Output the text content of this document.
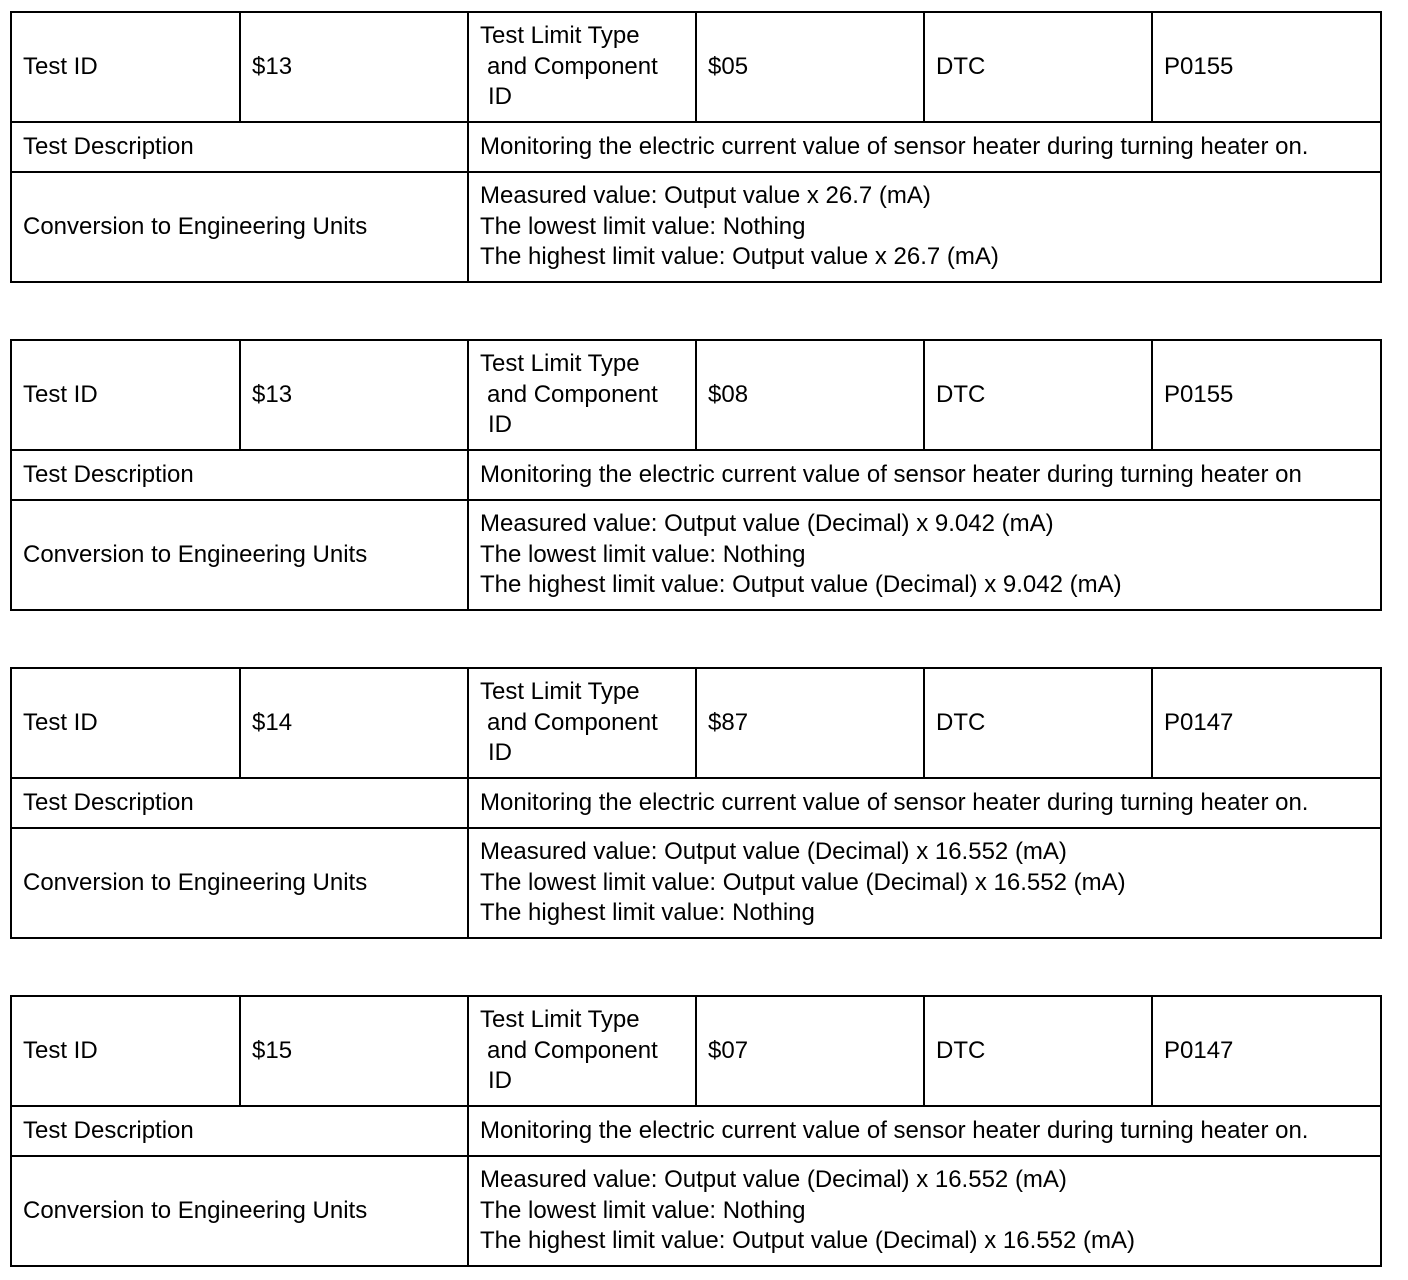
Test ID	$13	Test Limit Type
and Component
ID	$05	DTC	P0155
Test Description		Monitoring the electric current value of sensor heater during turning heater on.			
Conversion to Engineering Units		Measured value: Output value x 26.7 (mA)
The lowest limit value: Nothing
The highest limit value: Output value x 26.7 (mA)			
Test ID	$13	Test Limit Type
and Component
ID	$08	DTC	P0155
Test Description		Monitoring the electric current value of sensor heater during turning heater on			
Conversion to Engineering Units		Measured value: Output value (Decimal) x 9.042 (mA)
The lowest limit value: Nothing
The highest limit value: Output value (Decimal) x 9.042 (mA)			
Test ID	$14	Test Limit Type
and Component
ID	$87	DTC	P0147
Test Description		Monitoring the electric current value of sensor heater during turning heater on.			
Conversion to Engineering Units		Measured value: Output value (Decimal) x 16.552 (mA)
The lowest limit value: Output value (Decimal) x 16.552 (mA)
The highest limit value: Nothing			
Test ID	$15	Test Limit Type
and Component
ID	$07	DTC	P0147
Test Description		Monitoring the electric current value of sensor heater during turning heater on.			
Conversion to Engineering Units		Measured value: Output value (Decimal) x 16.552 (mA)
The lowest limit value: Nothing
The highest limit value: Output value (Decimal) x 16.552 (mA)			
